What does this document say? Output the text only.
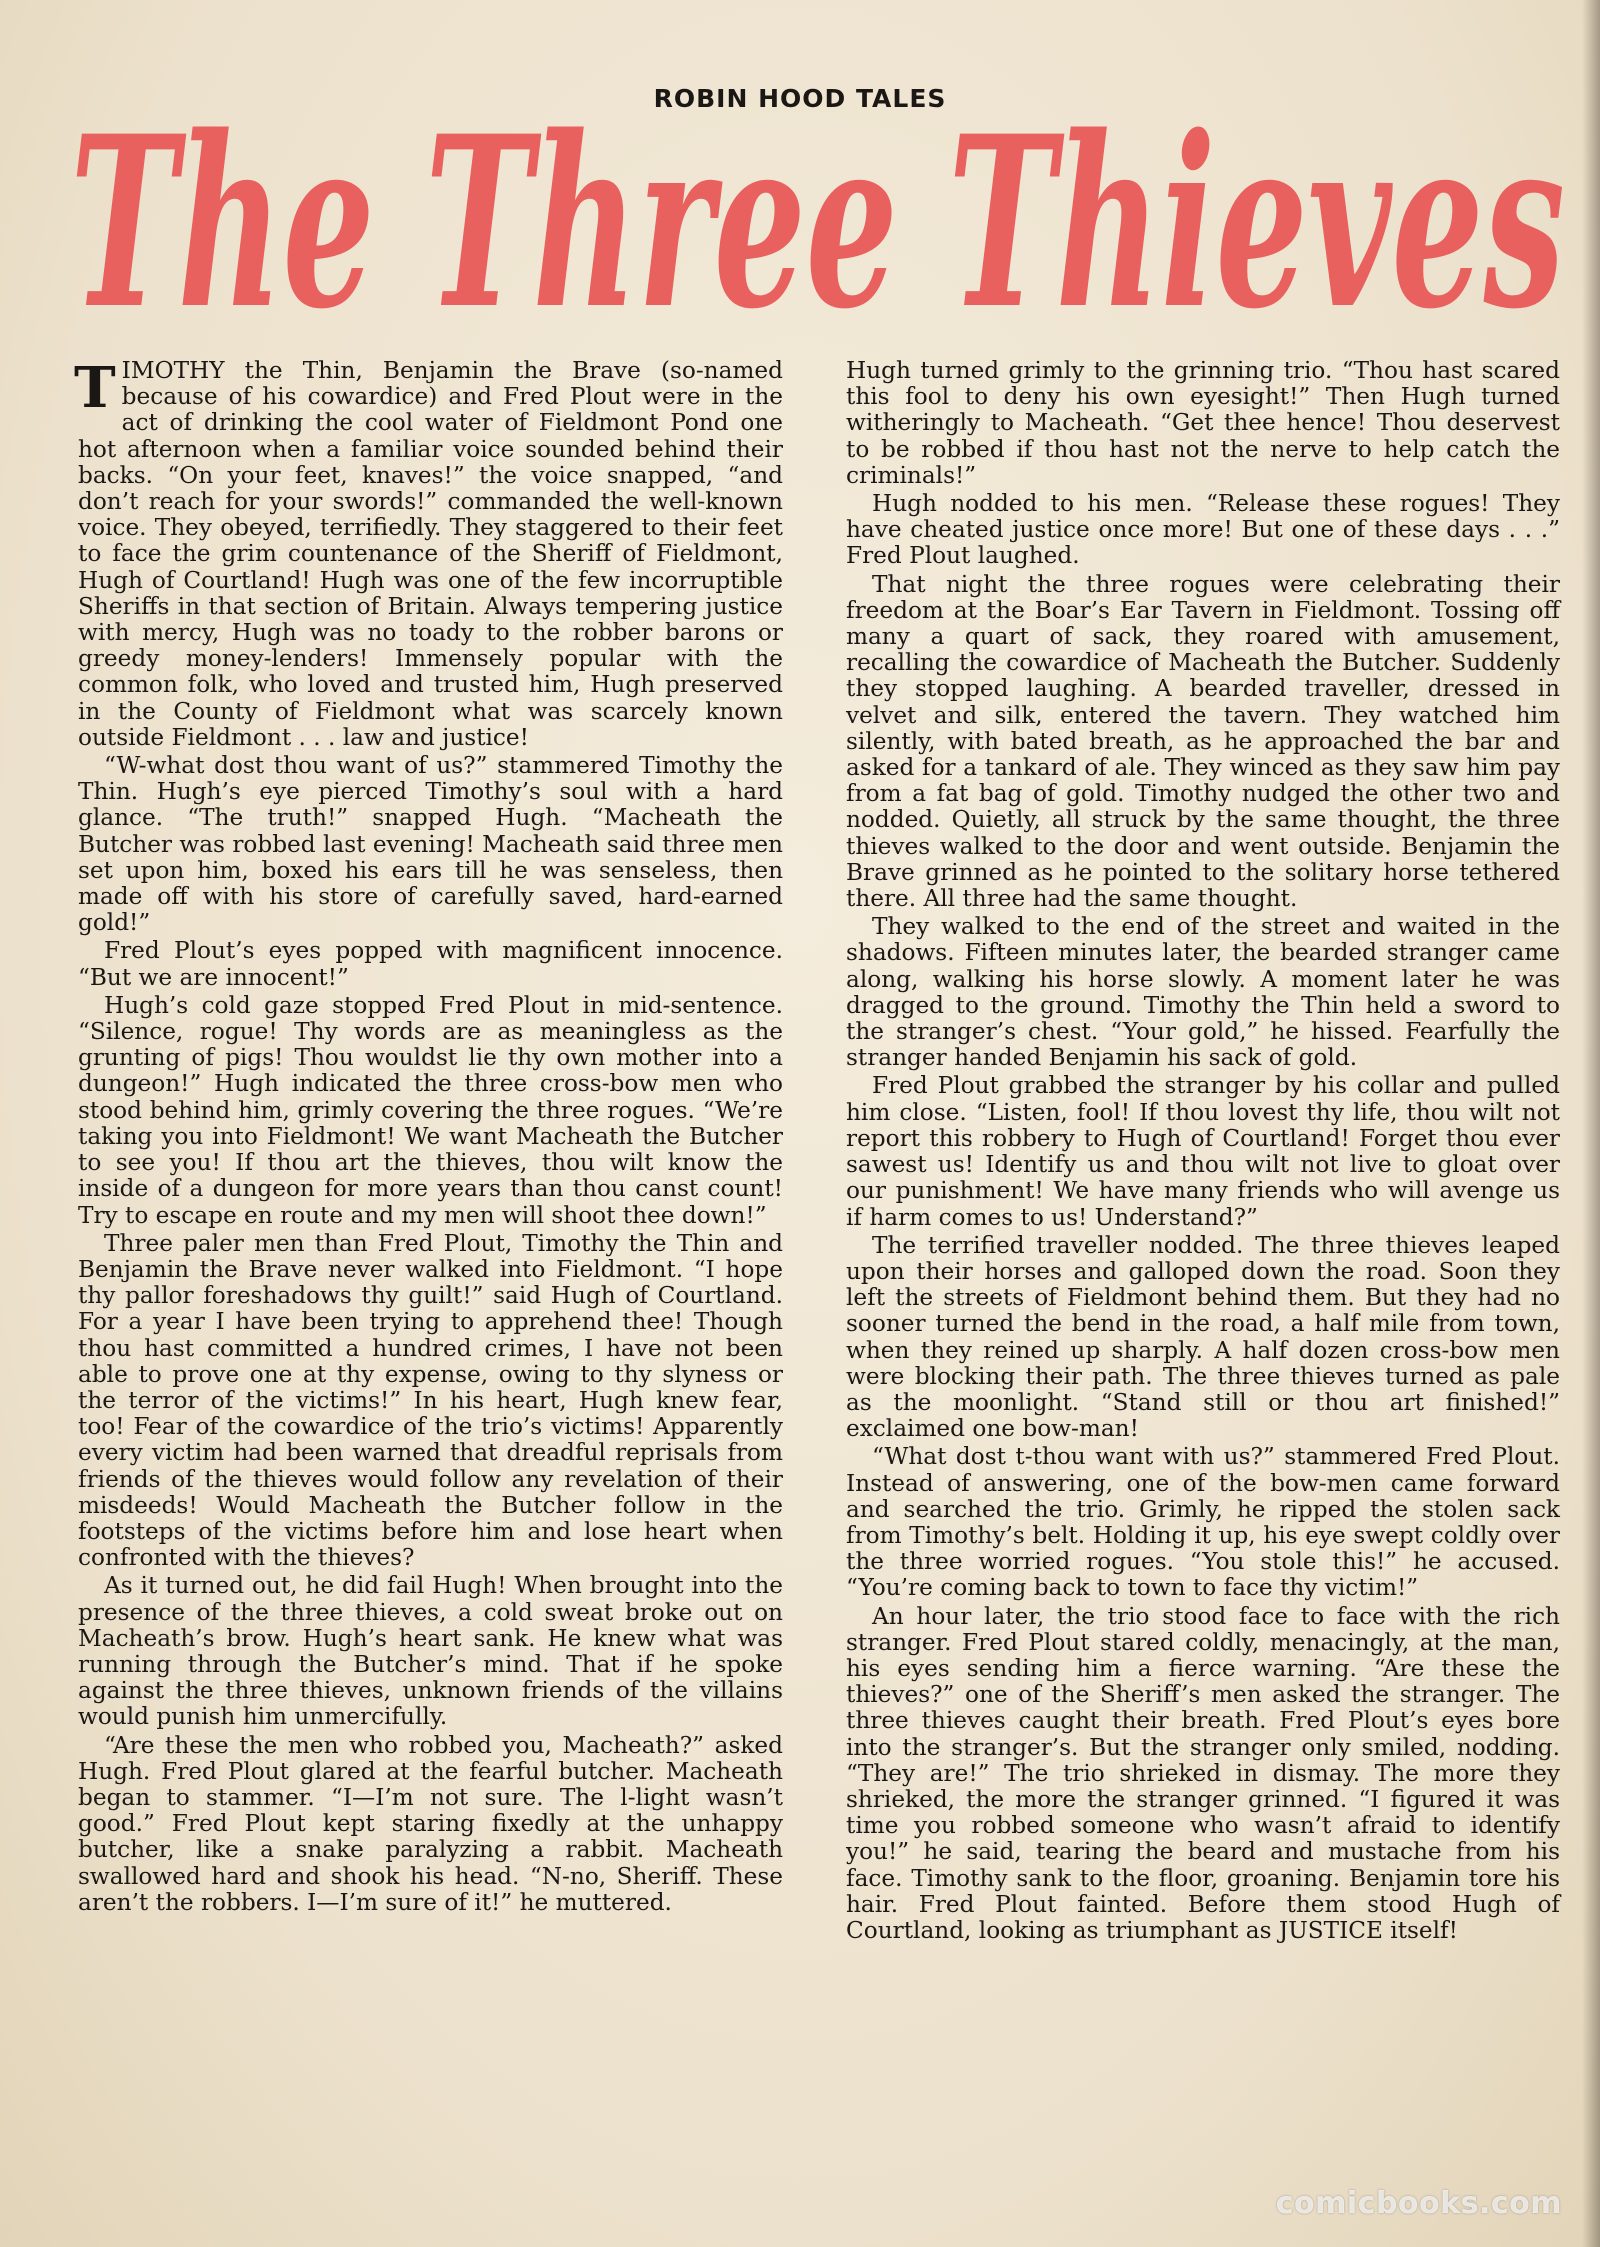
ROBIN HOOD TALES
The Three Thieves

TIMOTHY the Thin, Benjamin the Brave (so-named because of his cowardice) and Fred Plout were in the act of drinking the cool water of Fieldmont Pond one hot afternoon when a familiar voice sounded behind their backs. “On your feet, knaves!” the voice snapped, “and don’t reach for your swords!” commanded the well-known voice. They obeyed, terrifiedly. They staggered to their feet to face the grim countenance of the Sheriff of Fieldmont, Hugh of Courtland! Hugh was one of the few incorruptible Sheriffs in that section of Britain. Always tempering justice with mercy, Hugh was no toady to the robber barons or greedy money-lenders! Immensely popular with the common folk, who loved and trusted him, Hugh preserved in the County of Fieldmont what was scarcely known outside Fieldmont . . . law and justice!

“W-what dost thou want of us?” stammered Timothy the Thin. Hugh’s eye pierced Timothy’s soul with a hard glance. “The truth!” snapped Hugh. “Macheath the Butcher was robbed last evening! Macheath said three men set upon him, boxed his ears till he was senseless, then made off with his store of carefully saved, hard-earned gold!”

Fred Plout’s eyes popped with magnificent innocence. “But we are innocent!”

Hugh’s cold gaze stopped Fred Plout in mid-sentence. “Silence, rogue! Thy words are as meaningless as the grunting of pigs! Thou wouldst lie thy own mother into a dungeon!” Hugh indicated the three cross-bow men who stood behind him, grimly covering the three rogues. “We’re taking you into Fieldmont! We want Macheath the Butcher to see you! If thou art the thieves, thou wilt know the inside of a dungeon for more years than thou canst count! Try to escape en route and my men will shoot thee down!”

Three paler men than Fred Plout, Timothy the Thin and Benjamin the Brave never walked into Fieldmont. “I hope thy pallor foreshadows thy guilt!” said Hugh of Courtland. For a year I have been trying to apprehend thee! Though thou hast committed a hundred crimes, I have not been able to prove one at thy expense, owing to thy slyness or the terror of the victims!” In his heart, Hugh knew fear, too! Fear of the cowardice of the trio’s victims! Apparently every victim had been warned that dreadful reprisals from friends of the thieves would follow any revelation of their misdeeds! Would Macheath the Butcher follow in the footsteps of the victims before him and lose heart when confronted with the thieves?

As it turned out, he did fail Hugh! When brought into the presence of the three thieves, a cold sweat broke out on Macheath’s brow. Hugh’s heart sank. He knew what was running through the Butcher’s mind. That if he spoke against the three thieves, unknown friends of the villains would punish him unmercifully.

“Are these the men who robbed you, Macheath?” asked Hugh. Fred Plout glared at the fearful butcher. Macheath began to stammer. “I—I’m not sure. The l-light wasn’t good.” Fred Plout kept staring fixedly at the unhappy butcher, like a snake paralyzing a rabbit. Macheath swallowed hard and shook his head. “N-no, Sheriff. These aren’t the robbers. I—I’m sure of it!” he muttered.

Hugh turned grimly to the grinning trio. “Thou hast scared this fool to deny his own eyesight!” Then Hugh turned witheringly to Macheath. “Get thee hence! Thou deservest to be robbed if thou hast not the nerve to help catch the criminals!”

Hugh nodded to his men. “Release these rogues! They have cheated justice once more! But one of these days . . .” Fred Plout laughed.

That night the three rogues were celebrating their freedom at the Boar’s Ear Tavern in Fieldmont. Tossing off many a quart of sack, they roared with amusement, recalling the cowardice of Macheath the Butcher. Suddenly they stopped laughing. A bearded traveller, dressed in velvet and silk, entered the tavern. They watched him silently, with bated breath, as he approached the bar and asked for a tankard of ale. They winced as they saw him pay from a fat bag of gold. Timothy nudged the other two and nodded. Quietly, all struck by the same thought, the three thieves walked to the door and went outside. Benjamin the Brave grinned as he pointed to the solitary horse tethered there. All three had the same thought.

They walked to the end of the street and waited in the shadows. Fifteen minutes later, the bearded stranger came along, walking his horse slowly. A moment later he was dragged to the ground. Timothy the Thin held a sword to the stranger’s chest. “Your gold,” he hissed. Fearfully the stranger handed Benjamin his sack of gold.

Fred Plout grabbed the stranger by his collar and pulled him close. “Listen, fool! If thou lovest thy life, thou wilt not report this robbery to Hugh of Courtland! Forget thou ever sawest us! Identify us and thou wilt not live to gloat over our punishment! We have many friends who will avenge us if harm comes to us! Understand?”

The terrified traveller nodded. The three thieves leaped upon their horses and galloped down the road. Soon they left the streets of Fieldmont behind them. But they had no sooner turned the bend in the road, a half mile from town, when they reined up sharply. A half dozen cross-bow men were blocking their path. The three thieves turned as pale as the moonlight. “Stand still or thou art finished!” exclaimed one bow-man!

“What dost t-thou want with us?” stammered Fred Plout. Instead of answering, one of the bow-men came forward and searched the trio. Grimly, he ripped the stolen sack from Timothy’s belt. Holding it up, his eye swept coldly over the three worried rogues. “You stole this!” he accused. “You’re coming back to town to face thy victim!”

An hour later, the trio stood face to face with the rich stranger. Fred Plout stared coldly, menacingly, at the man, his eyes sending him a fierce warning. “Are these the thieves?” one of the Sheriff’s men asked the stranger. The three thieves caught their breath. Fred Plout’s eyes bore into the stranger’s. But the stranger only smiled, nodding. “They are!” The trio shrieked in dismay. The more they shrieked, the more the stranger grinned. “I figured it was time you robbed someone who wasn’t afraid to identify you!” he said, tearing the beard and mustache from his face. Timothy sank to the floor, groaning. Benjamin tore his hair. Fred Plout fainted. Before them stood Hugh of Courtland, looking as triumphant as JUSTICE itself!

comicbooks.com
